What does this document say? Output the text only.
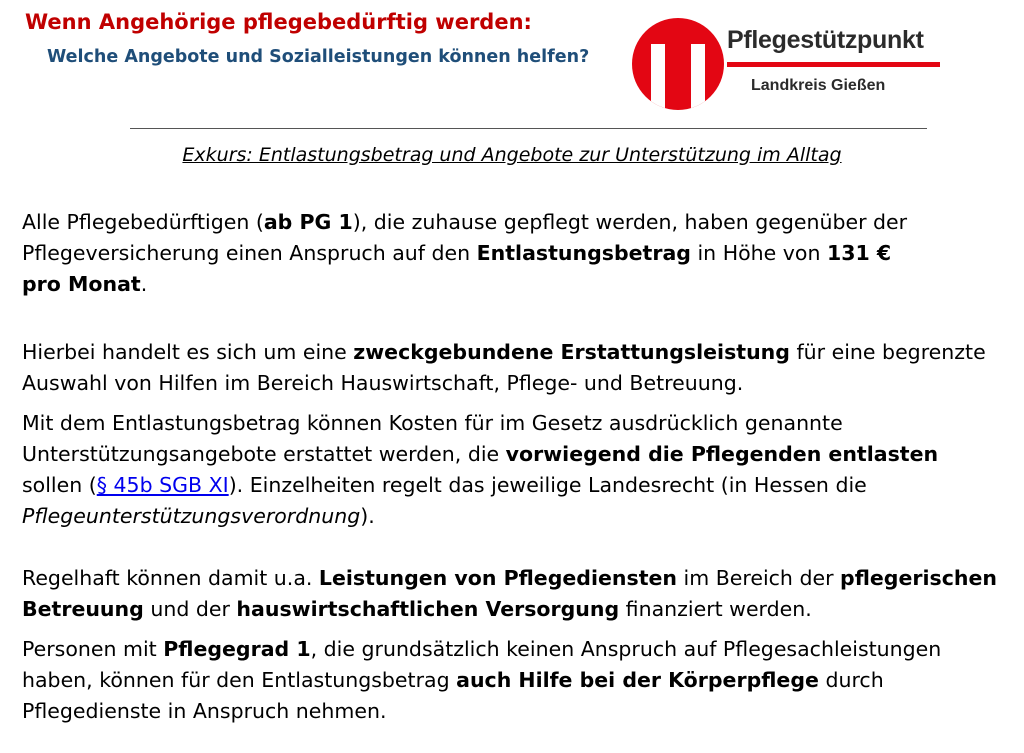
Wenn Angehörige pflegebedürftig werden:
Welche Angebote und Sozialleistungen können helfen?
Pflegestützpunkt
Landkreis Gießen
Exkurs: Entlastungsbetrag und Angebote zur Unterstützung im Alltag
Alle Pflegebedürftigen (ab PG 1), die zuhause gepflegt werden, haben gegenüber der
Pflegeversicherung einen Anspruch auf den Entlastungsbetrag in Höhe von 131 €
pro Monat.
Hierbei handelt es sich um eine zweckgebundene Erstattungsleistung für eine begrenzte
Auswahl von Hilfen im Bereich Hauswirtschaft, Pflege- und Betreuung.
Mit dem Entlastungsbetrag können Kosten für im Gesetz ausdrücklich genannte
Unterstützungsangebote erstattet werden, die vorwiegend die Pflegenden entlasten
sollen (§ 45b SGB XI). Einzelheiten regelt das jeweilige Landesrecht (in Hessen die
Pflegeunterstützungsverordnung).
Regelhaft können damit u.a. Leistungen von Pflegediensten im Bereich der pflegerischen
Betreuung und der hauswirtschaftlichen Versorgung finanziert werden.
Personen mit Pflegegrad 1, die grundsätzlich keinen Anspruch auf Pflegesachleistungen
haben, können für den Entlastungsbetrag auch Hilfe bei der Körperpflege durch
Pflegedienste in Anspruch nehmen.
